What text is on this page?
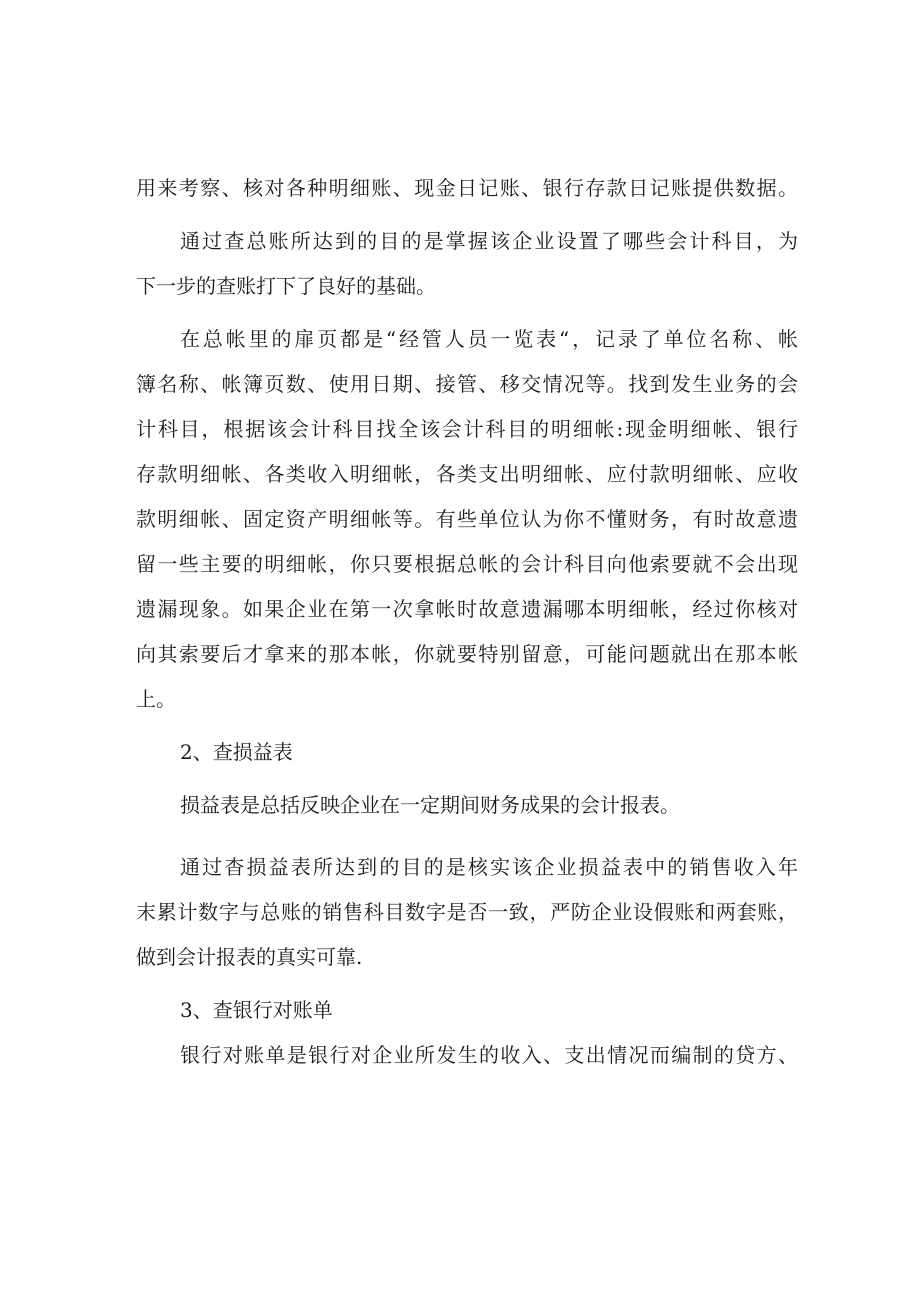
用来考察、核对各种明细账、现金日记账、银行存款日记账提供数据。
通过查总账所达到的目的是掌握该企业设置了哪些会计科目，为
下一步的查账打下了良好的基础。
在总帐里的扉页都是“经管人员一览表“，记录了单位名称、帐
簿名称、帐簿页数、使用日期、接管、移交情况等。找到发生业务的会
计科目，根据该会计科目找全该会计科目的明细帐:现金明细帐、银行
存款明细帐、各类收入明细帐，各类支出明细帐、应付款明细帐、应收
款明细帐、固定资产明细帐等。有些单位认为你不懂财务，有时故意遗
留一些主要的明细帐，你只要根据总帐的会计科目向他索要就不会出现
遗漏现象。如果企业在第一次拿帐时故意遗漏哪本明细帐，经过你核对
向其索要后才拿来的那本帐，你就要特别留意，可能问题就出在那本帐
上。
2、查损益表
损益表是总括反映企业在一定期间财务成果的会计报表。
通过杳损益表所达到的目的是核实该企业损益表中的销售收入年
末累计数字与总账的销售科目数字是否一致，严防企业设假账和两套账，
做到会计报表的真实可靠.
3、查银行对账单
银行对账单是银行对企业所发生的收入、支出情况而编制的贷方、
